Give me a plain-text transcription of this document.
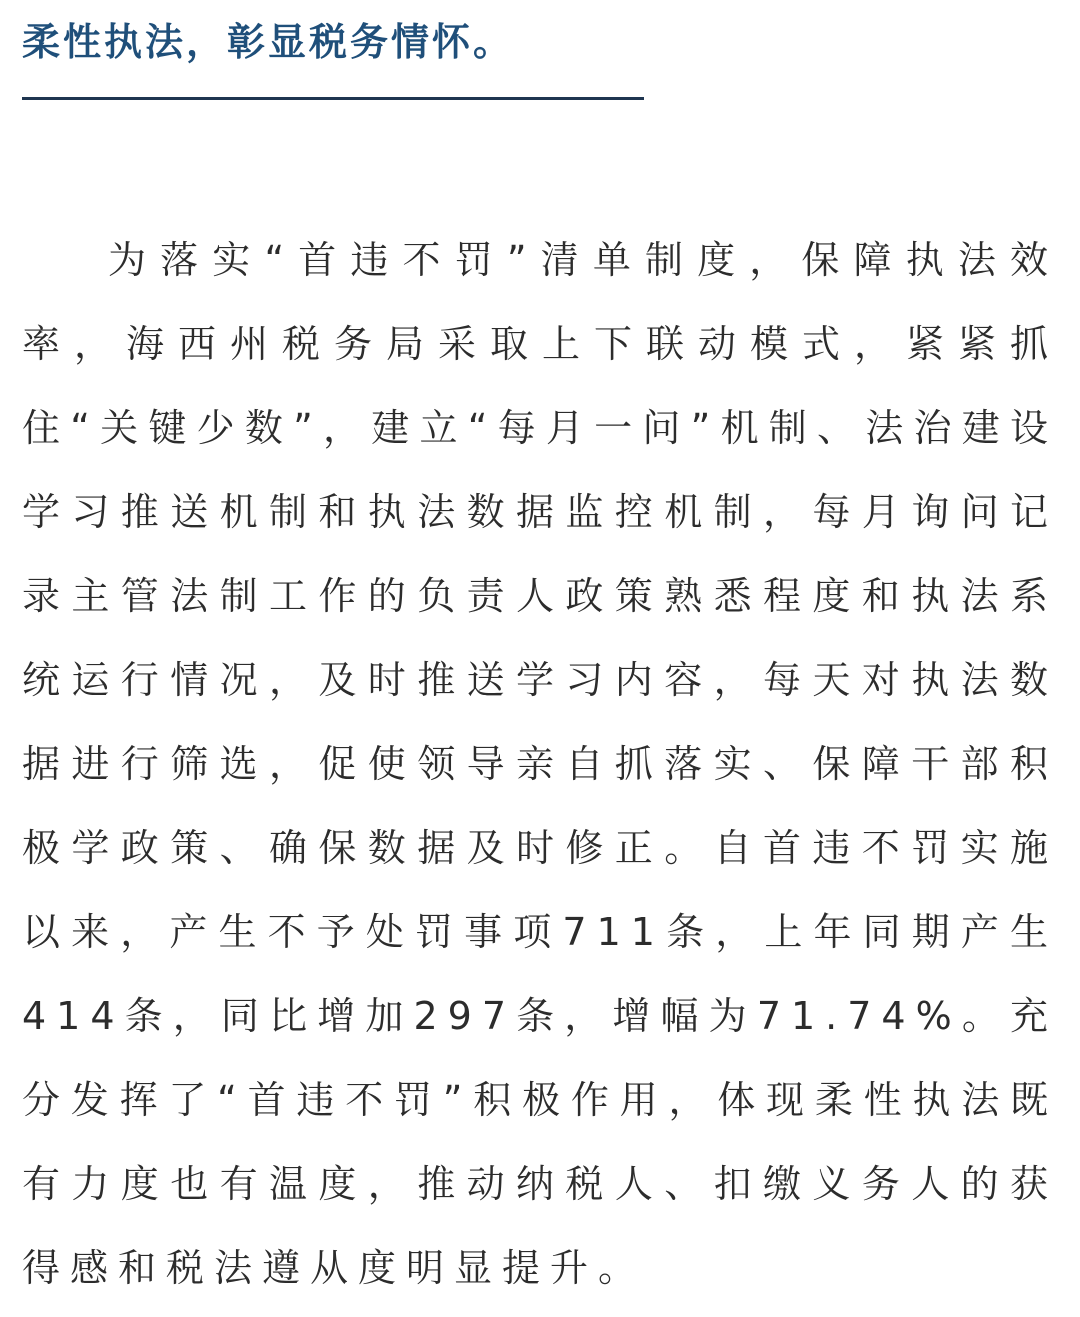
柔性执法，彰显税务情怀。

为落实“首违不罚”清单制度，保障执法效率，海西州税务局采取上下联动模式，紧紧抓住“关键少数”，建立“每月一问”机制、法治建设学习推送机制和执法数据监控机制，每月询问记录主管法制工作的负责人政策熟悉程度和执法系统运行情况，及时推送学习内容，每天对执法数据进行筛选，促使领导亲自抓落实、保障干部积极学政策、确保数据及时修正。自首违不罚实施以来，产生不予处罚事项711条，上年同期产生414条，同比增加297条，增幅为71.74%。充分发挥了“首违不罚”积极作用，体现柔性执法既有力度也有温度，推动纳税人、扣缴义务人的获得感和税法遵从度明显提升。
